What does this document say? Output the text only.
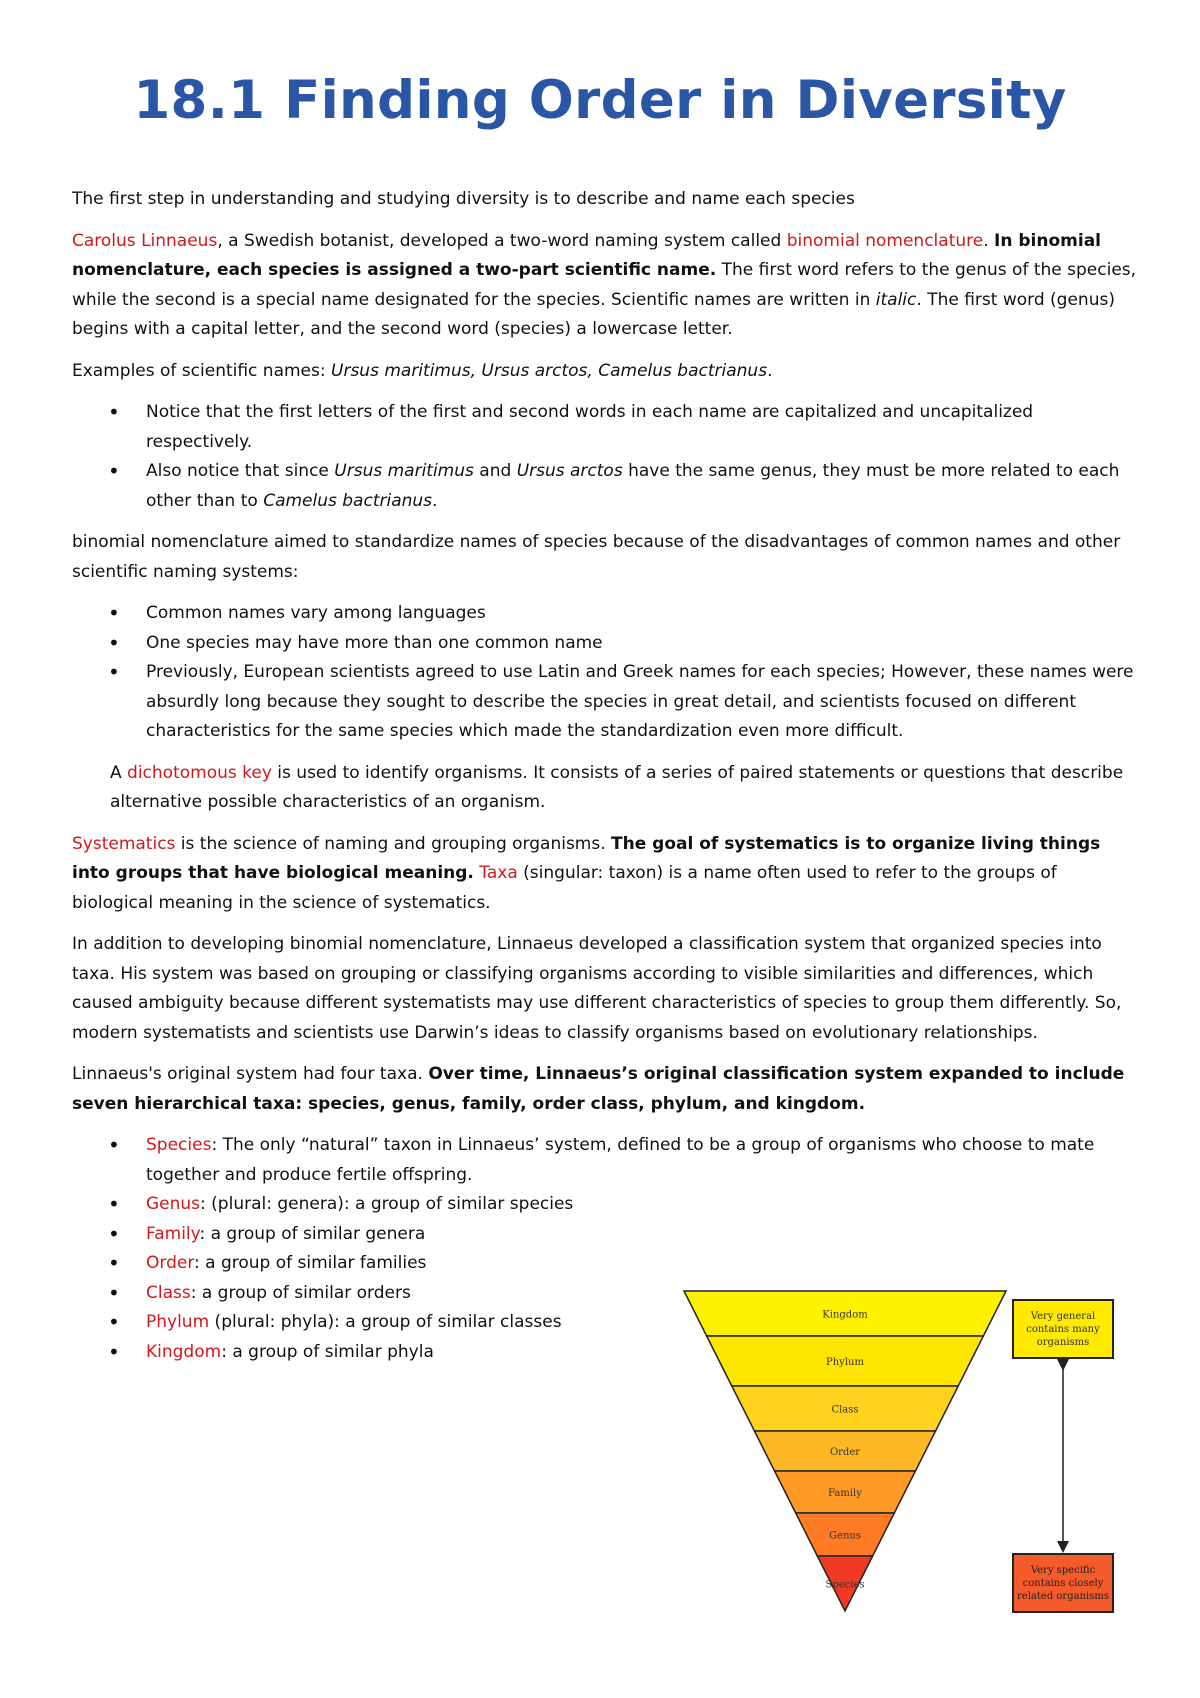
18.1 Finding Order in Diversity

The first step in understanding and studying diversity is to describe and name each species

Carolus Linnaeus, a Swedish botanist, developed a two-word naming system called binomial nomenclature. In binomial nomenclature, each species is assigned a two-part scientific name. The first word refers to the genus of the species, while the second is a special name designated for the species. Scientific names are written in italic. The first word (genus) begins with a capital letter, and the second word (species) a lowercase letter.

Examples of scientific names: Ursus maritimus, Ursus arctos, Camelus bactrianus.

• Notice that the first letters of the first and second words in each name are capitalized and uncapitalized respectively.
• Also notice that since Ursus maritimus and Ursus arctos have the same genus, they must be more related to each other than to Camelus bactrianus.

binomial nomenclature aimed to standardize names of species because of the disadvantages of common names and other scientific naming systems:

• Common names vary among languages
• One species may have more than one common name
• Previously, European scientists agreed to use Latin and Greek names for each species; However, these names were absurdly long because they sought to describe the species in great detail, and scientists focused on different characteristics for the same species which made the standardization even more difficult.

A dichotomous key is used to identify organisms. It consists of a series of paired statements or questions that describe alternative possible characteristics of an organism.

Systematics is the science of naming and grouping organisms. The goal of systematics is to organize living things into groups that have biological meaning. Taxa (singular: taxon) is a name often used to refer to the groups of biological meaning in the science of systematics.

In addition to developing binomial nomenclature, Linnaeus developed a classification system that organized species into taxa. His system was based on grouping or classifying organisms according to visible similarities and differences, which caused ambiguity because different systematists may use different characteristics of species to group them differently. So, modern systematists and scientists use Darwin’s ideas to classify organisms based on evolutionary relationships.

Linnaeus's original system had four taxa. Over time, Linnaeus’s original classification system expanded to include seven hierarchical taxa: species, genus, family, order class, phylum, and kingdom.

• Species: The only “natural” taxon in Linnaeus’ system, defined to be a group of organisms who choose to mate together and produce fertile offspring.
• Genus: (plural: genera): a group of similar species
• Family: a group of similar genera
• Order: a group of similar families
• Class: a group of similar orders
• Phylum (plural: phyla): a group of similar classes
• Kingdom: a group of similar phyla
Kingdom
Phylum
Class
Order
Family
Genus
Species
Very general contains many organisms
Very specific contains closely related organisms
